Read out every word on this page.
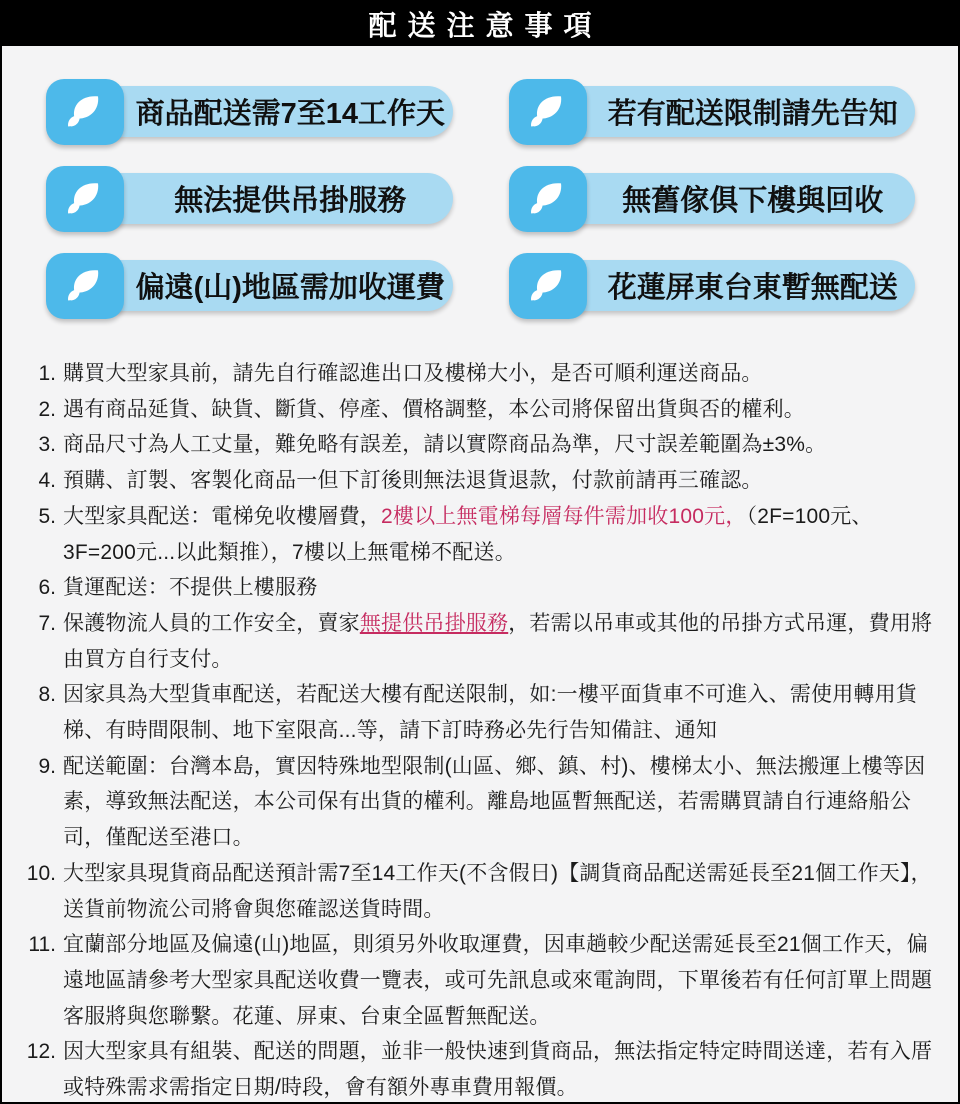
配送注意事項
商品配送需7至14工作天	若有配送限制請先告知
無法提供吊掛服務	無舊傢俱下樓與回收
偏遠(山)地區需加收運費	花蓮屏東台東暫無配送
1. 購買大型家具前，請先自行確認進出口及樓梯大小，是否可順利運送商品。
2. 遇有商品延貨、缺貨、斷貨、停產、價格調整，本公司將保留出貨與否的權利。
3. 商品尺寸為人工丈量，難免略有誤差，請以實際商品為準，尺寸誤差範圍為±3%。
4. 預購、訂製、客製化商品一但下訂後則無法退貨退款，付款前請再三確認。
5. 大型家具配送：電梯免收樓層費，2樓以上無電梯每層每件需加收100元，（2F=100元、3F=200元...以此類推），7樓以上無電梯不配送。
6. 貨運配送：不提供上樓服務
7. 保護物流人員的工作安全，賣家無提供吊掛服務，若需以吊車或其他的吊掛方式吊運，費用將由買方自行支付。
8. 因家具為大型貨車配送，若配送大樓有配送限制，如:一樓平面貨車不可進入、需使用轉用貨梯、有時間限制、地下室限高...等，請下訂時務必先行告知備註、通知
9. 配送範圍：台灣本島，實因特殊地型限制(山區、鄉、鎮、村)、樓梯太小、無法搬運上樓等因素，導致無法配送，本公司保有出貨的權利。離島地區暫無配送，若需購買請自行連絡船公司，僅配送至港口。
10. 大型家具現貨商品配送預計需7至14工作天(不含假日)【調貨商品配送需延長至21個工作天】，送貨前物流公司將會與您確認送貨時間。
11. 宜蘭部分地區及偏遠(山)地區，則須另外收取運費，因車趟較少配送需延長至21個工作天，偏遠地區請參考大型家具配送收費一覽表，或可先訊息或來電詢問，下單後若有任何訂單上問題客服將與您聯繫。花蓮、屏東、台東全區暫無配送。
12. 因大型家具有組裝、配送的問題，並非一般快速到貨商品，無法指定特定時間送達，若有入厝或特殊需求需指定日期/時段，會有額外專車費用報價。
